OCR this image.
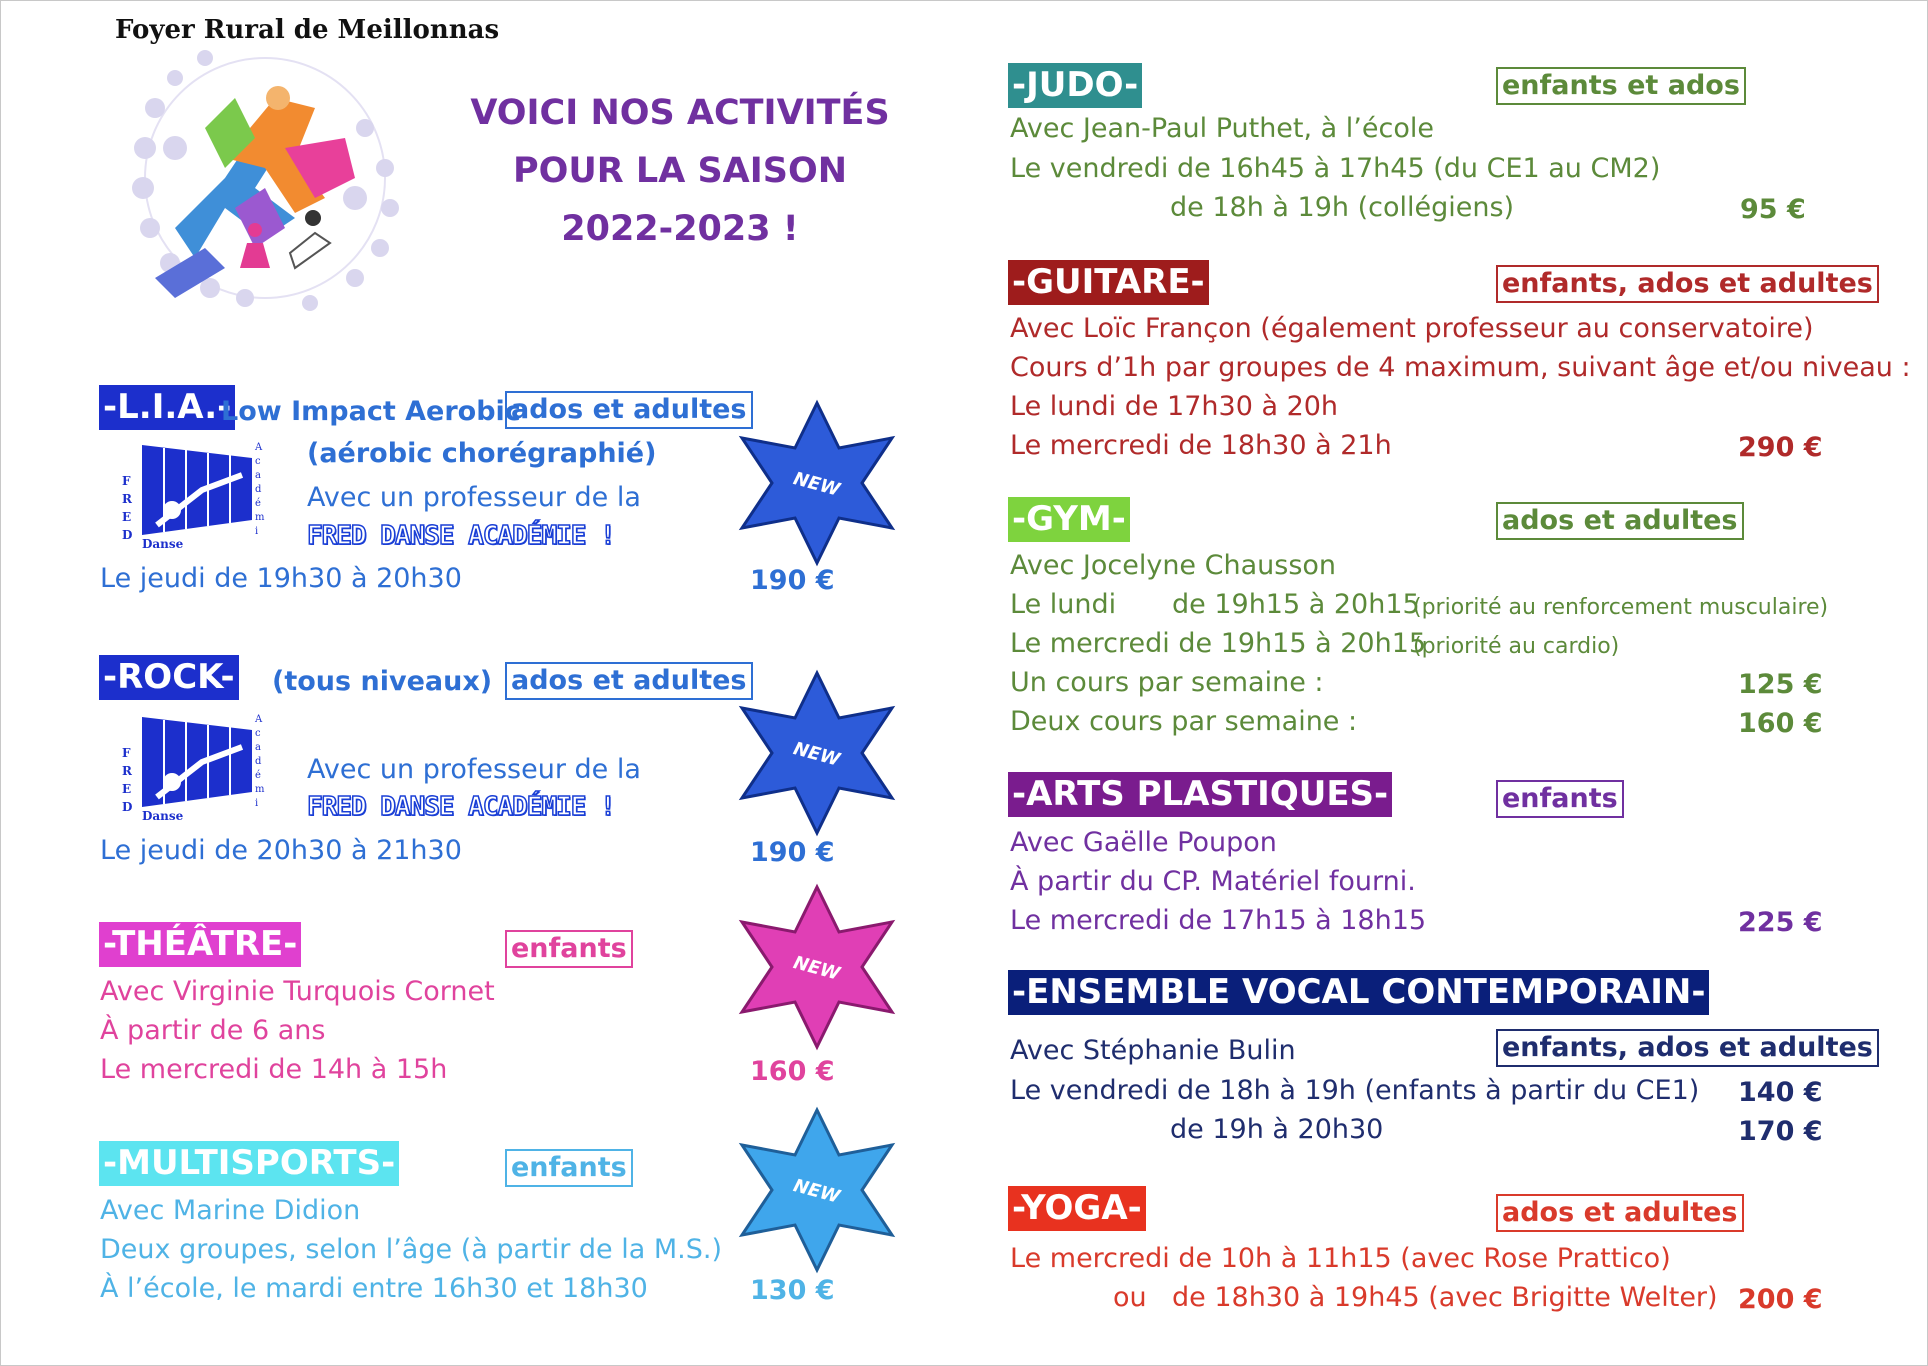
Foyer Rural de Meillonnas
VOICI NOS ACTIVITÉS
POUR LA SAISON
2022-2023 !
-L.I.A.-
Low Impact Aerobic
ados et adultes
(aérobic chorégraphié)
Avec un professeur de la
FRED DANSE ACADÉMIE !
Le jeudi de 19h30 à 20h30	190 €
F
R
E
D
Danse
A
c
a
d
é
m
i
-ROCK- (tous niveaux) ados et adultes
Avec un professeur de la
FRED DANSE ACADÉMIE !
Le jeudi de 20h30 à 21h30	190 €
F
R
E
D
Danse
A
c
a
d
é
m
i
-THÉÂTRE-	enfants
Avec Virginie Turquois Cornet
À partir de 6 ans
Le mercredi de 14h à 15h	160 €
-MULTISPORTS-	enfants
Avec Marine Didion
Deux groupes, selon l’âge (à partir de la M.S.)
À l’école, le mardi entre 16h30 et 18h30	130 €
NEW
NEW
NEW
NEW
-JUDO-	enfants et ados
Avec Jean-Paul Puthet, à l’école
Le vendredi de 16h45 à 17h45 (du CE1 au CM2)
de 18h à 19h (collégiens)	95 €
-GUITARE-	enfants, ados et adultes
Avec Loïc Françon (également professeur au conservatoire)
Cours d’1h par groupes de 4 maximum, suivant âge et/ou niveau :
Le lundi de 17h30 à 20h
Le mercredi de 18h30 à 21h	290 €
-GYM-	ados et adultes
Avec Jocelyne Chausson
Le lundi de 19h15 à 20h15
(priorité au renforcement musculaire)
Le mercredi de 19h15 à 20h15
(priorité au cardio)
Un cours par semaine :	125 €
Deux cours par semaine :	160 €
-ARTS PLASTIQUES-	enfants
Avec Gaëlle Poupon
À partir du CP. Matériel fourni.
Le mercredi de 17h15 à 18h15	225 €
-ENSEMBLE VOCAL CONTEMPORAIN-
enfants, ados et adultes
Avec Stéphanie Bulin
Le vendredi de 18h à 19h (enfants à partir du CE1) 140 €
de 19h à 20h30	170 €
-YOGA-	ados et adultes
Le mercredi de 10h à 11h15 (avec Rose Prattico)
ou de 18h30 à 19h45 (avec Brigitte Welter) 200 €
